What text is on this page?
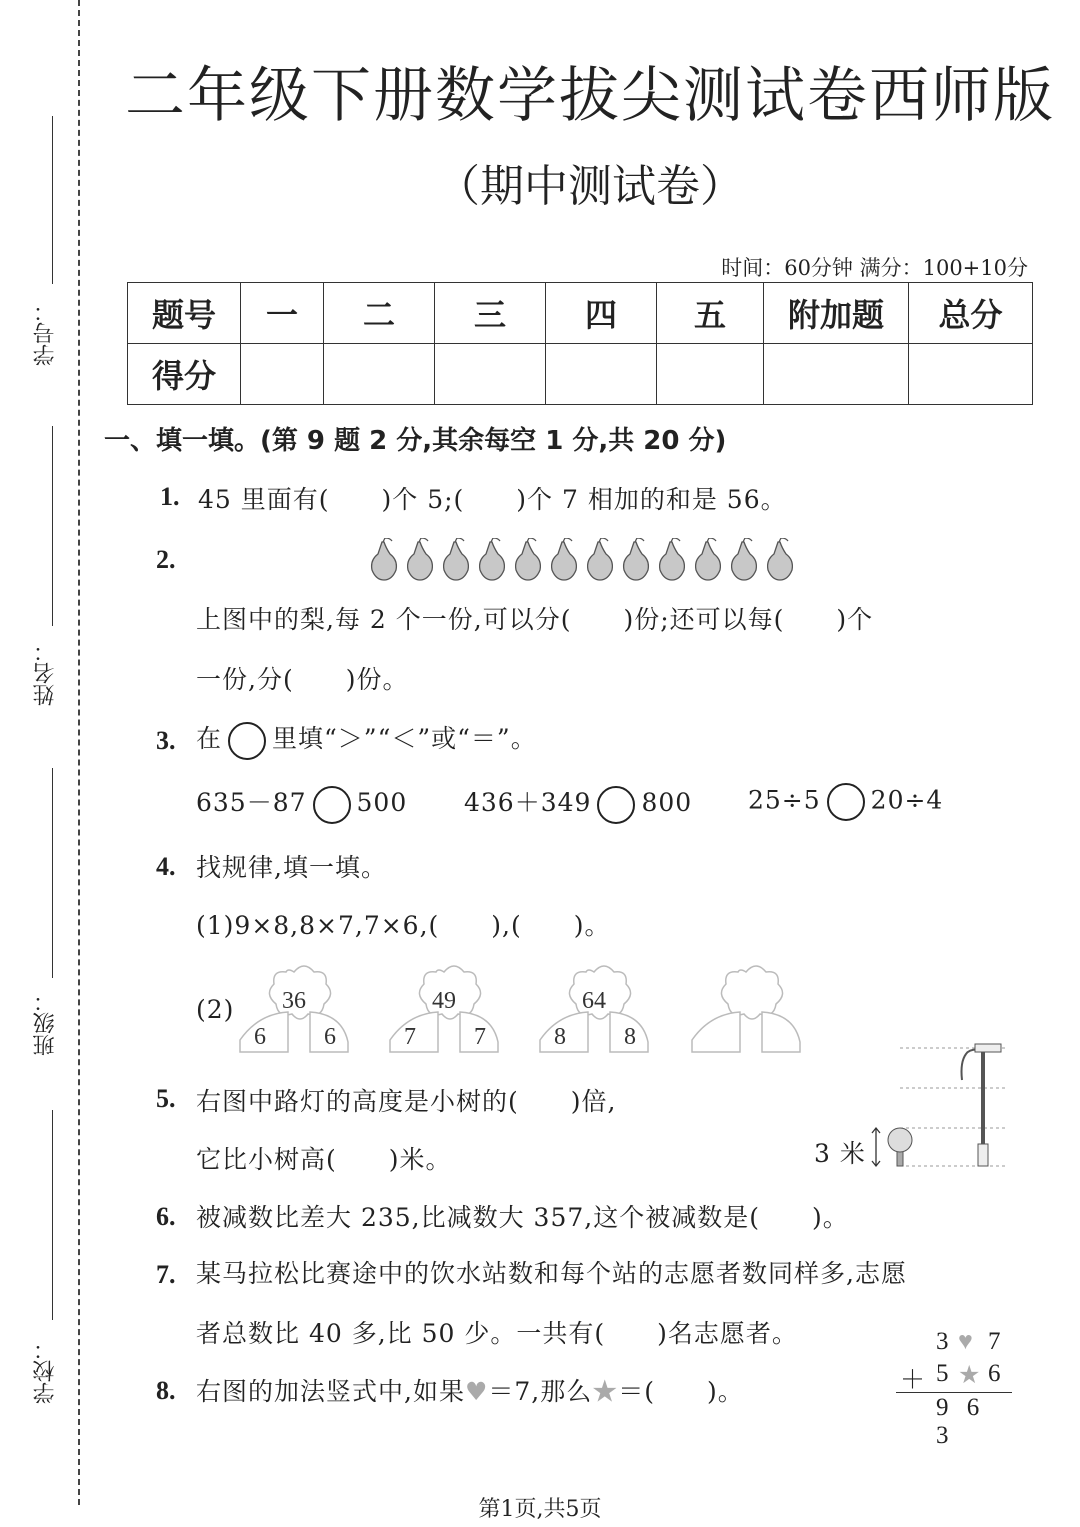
学号：
姓名：
班级：
学校：
二年级下册数学拔尖测试卷西师版
（期中测试卷）
时间：60分钟 满分：100+10分
题号	一	二	三	四	五	附加题	总分
得分							
一、填一填。(第 9 题 2 分,其余每空 1 分,共 20 分)
1. 45 里面有(　　)个 5;(　　)个 7 相加的和是 56。
2.
上图中的梨,每 2 个一份,可以分(　　)份;还可以每(　　)个
一份,分(　　)份。
3. 在 里填“＞”“＜”或“＝”。
635－87 500 436＋349 800 25÷5 20÷4
4. 找规律,填一填。
(1)9×8,8×7,7×6,(　　),(　　)。
(2) 36
6 6
49
7 7
64
8 8
5. 右图中路灯的高度是小树的(　　)倍,
它比小树高(　　)米。	3 米
6. 被减数比差大 235,比减数大 357,这个被减数是(　　)。
7. 某马拉松比赛途中的饮水站数和每个站的志愿者数同样多,志愿
者总数比 40 多,比 50 少。一共有(　　)名志愿者。
8. 右图的加法竖式中,如果♥＝7,那么★＝(　　)。
3 ♥ 7
＋ 5 ★ 6
9 6 3
第1页,共5页
